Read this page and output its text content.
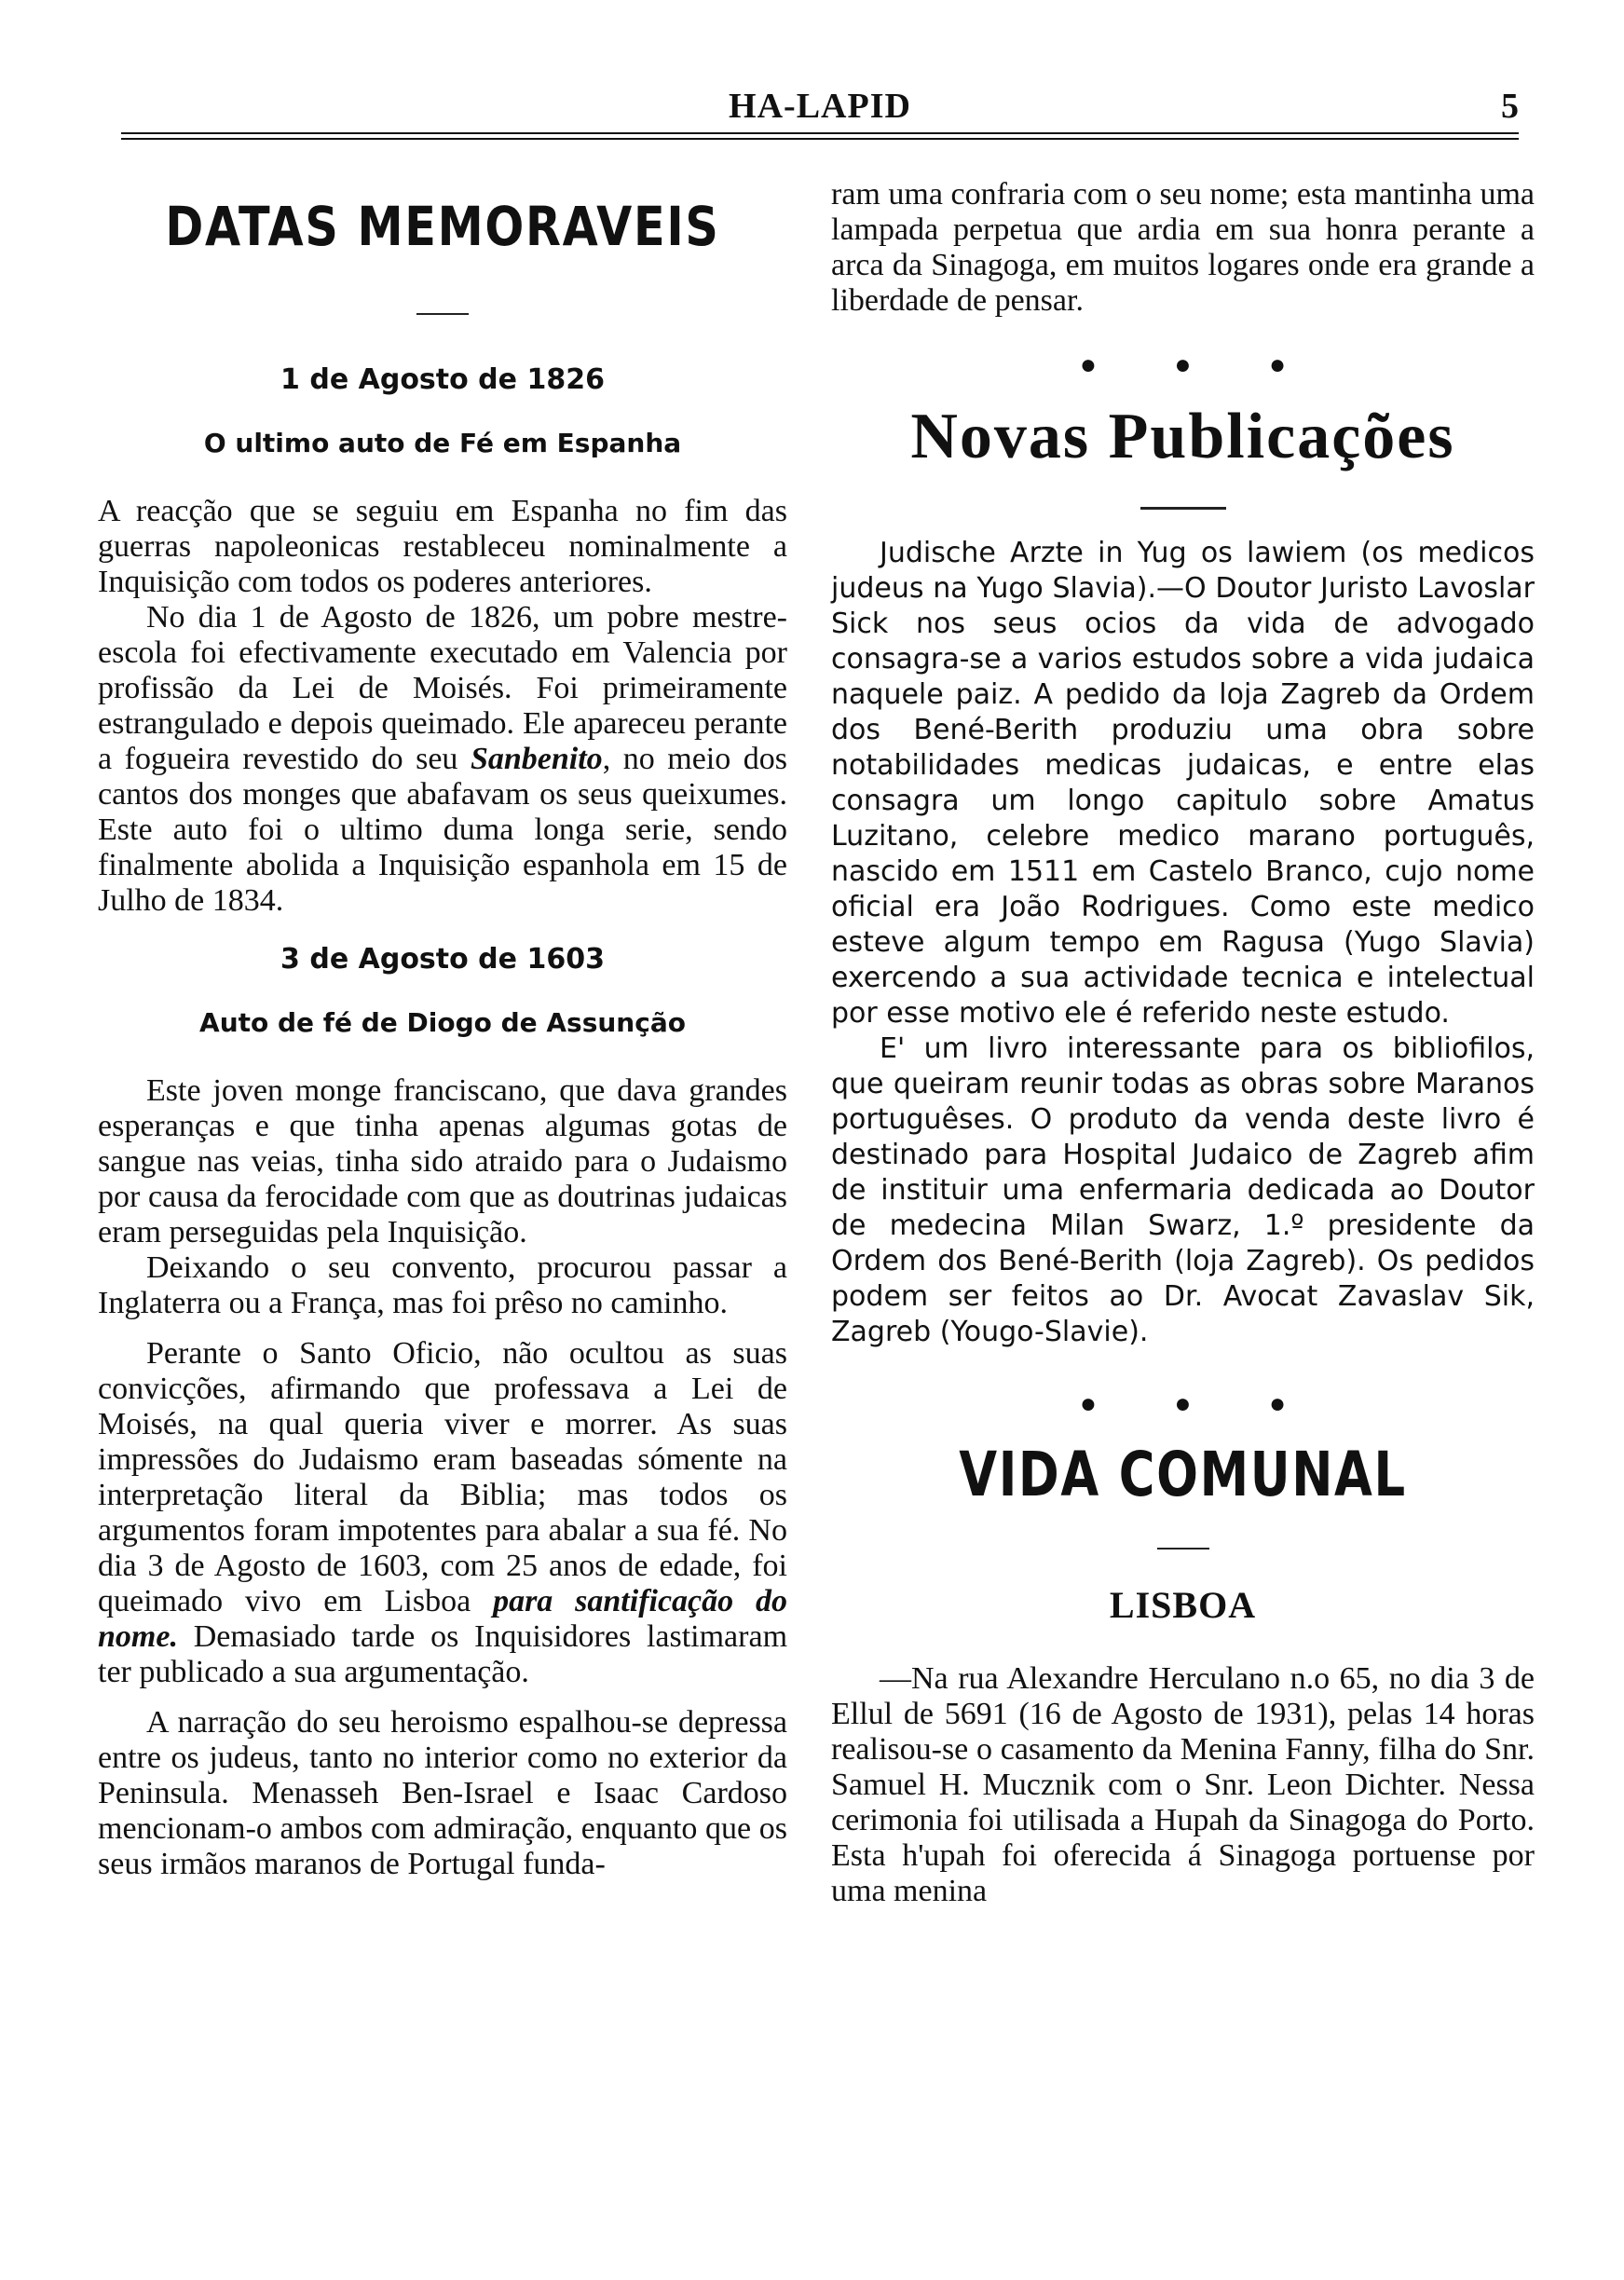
HA-LAPID	5
DATAS MEMORAVEIS
1 de Agosto de 1826
O ultimo auto de Fé em Espanha

A reacção que se seguiu em Espanha no fim das guerras napoleonicas restableceu nominalmente a Inquisição com todos os poderes anteriores.

No dia 1 de Agosto de 1826, um pobre mestre-escola foi efectivamente executado em Valencia por profissão da Lei de Moisés. Foi primeiramente estrangulado e depois queimado. Ele apareceu perante a fogueira revestido do seu Sanbenito, no meio dos cantos dos monges que abafavam os seus queixumes. Este auto foi o ultimo duma longa serie, sendo finalmente abolida a Inquisição espanhola em 15 de Julho de 1834.

3 de Agosto de 1603
Auto de fé de Diogo de Assunção

Este joven monge franciscano, que dava grandes esperanças e que tinha apenas algumas gotas de sangue nas veias, tinha sido atraido para o Judaismo por causa da ferocidade com que as doutrinas judaicas eram perseguidas pela Inquisição.

Deixando o seu convento, procurou passar a Inglaterra ou a França, mas foi prêso no caminho.

Perante o Santo Oficio, não ocultou as suas convicções, afirmando que professava a Lei de Moisés, na qual queria viver e morrer. As suas impressões do Judaismo eram baseadas sómente na interpretação literal da Biblia; mas todos os argumentos foram impotentes para abalar a sua fé. No dia 3 de Agosto de 1603, com 25 anos de edade, foi queimado vivo em Lisboa para santificação do nome. Demasiado tarde os Inquisidores lastimaram ter publicado a sua argumentação.

A narração do seu heroismo espalhou-se depressa entre os judeus, tanto no interior como no exterior da Peninsula. Menasseh Ben-Israel e Isaac Cardoso mencionam-o ambos com admiração, enquanto que os seus irmãos maranos de Portugal funda-

ram uma confraria com o seu nome; esta mantinha uma lampada perpetua que ardia em sua honra perante a arca da Sinagoga, em muitos logares onde era grande a liberdade de pensar.

● ● ●
Novas Publicações

Judische Arzte in Yug os lawiem (os medicos judeus na Yugo Slavia).—O Doutor Juristo Lavoslar Sick nos seus ocios da vida de advogado consagra-se a varios estudos sobre a vida judaica naquele paiz. A pedido da loja Zagreb da Ordem dos Bené-Berith produziu uma obra sobre notabilidades medicas judaicas, e entre elas consagra um longo capitulo sobre Amatus Luzitano, celebre medico marano português, nascido em 1511 em Castelo Branco, cujo nome oficial era João Rodrigues. Como este medico esteve algum tempo em Ragusa (Yugo Slavia) exercendo a sua actividade tecnica e intelectual por esse motivo ele é referido neste estudo.

E' um livro interessante para os bibliofilos, que queiram reunir todas as obras sobre Maranos portuguêses. O produto da venda deste livro é destinado para Hospital Judaico de Zagreb afim de instituir uma enfermaria dedicada ao Doutor de medecina Milan Swarz, 1.º presidente da Ordem dos Bené-Berith (loja Zagreb). Os pedidos podem ser feitos ao Dr. Avocat Zavaslav Sik, Zagreb (Yougo-Slavie).

● ● ●
VIDA COMUNAL
LISBOA

—Na rua Alexandre Herculano n.o 65, no dia 3 de Ellul de 5691 (16 de Agosto de 1931), pelas 14 horas realisou-se o casamento da Menina Fanny, filha do Snr. Samuel H. Mucznik com o Snr. Leon Dichter. Nessa cerimonia foi utilisada a Hupah da Sinagoga do Porto. Esta h'upah foi oferecida á Sinagoga portuense por uma menina
